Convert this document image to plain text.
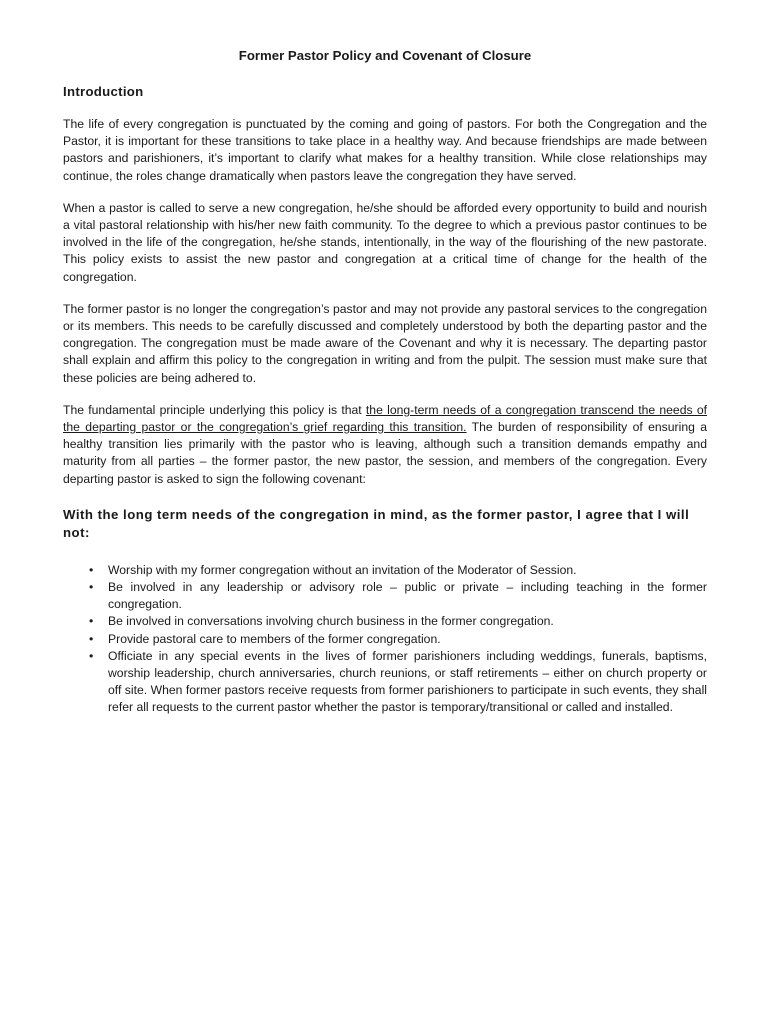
Former Pastor Policy and Covenant of Closure
Introduction

The life of every congregation is punctuated by the coming and going of pastors. For both the Congregation and the Pastor, it is important for these transitions to take place in a healthy way. And because friendships are made between pastors and parishioners, it’s important to clarify what makes for a healthy transition. While close relationships may continue, the roles change dramatically when pastors leave the congregation they have served.

When a pastor is called to serve a new congregation, he/she should be afforded every opportunity to build and nourish a vital pastoral relationship with his/her new faith community. To the degree to which a previous pastor continues to be involved in the life of the congregation, he/she stands, intentionally, in the way of the flourishing of the new pastorate. This policy exists to assist the new pastor and congregation at a critical time of change for the health of the congregation.

The former pastor is no longer the congregation’s pastor and may not provide any pastoral services to the congregation or its members. This needs to be carefully discussed and completely understood by both the departing pastor and the congregation. The congregation must be made aware of the Covenant and why it is necessary. The departing pastor shall explain and affirm this policy to the congregation in writing and from the pulpit. The session must make sure that these policies are being adhered to.

The fundamental principle underlying this policy is that the long-term needs of a congregation transcend the needs of the departing pastor or the congregation’s grief regarding this transition. The burden of responsibility of ensuring a healthy transition lies primarily with the pastor who is leaving, although such a transition demands empathy and maturity from all parties – the former pastor, the new pastor, the session, and members of the congregation. Every departing pastor is asked to sign the following covenant:

With the long term needs of the congregation in mind, as the former pastor, I agree that I will not:
• Worship with my former congregation without an invitation of the Moderator of Session.
• Be involved in any leadership or advisory role – public or private – including teaching in the former congregation.
• Be involved in conversations involving church business in the former congregation.
• Provide pastoral care to members of the former congregation.
• Officiate in any special events in the lives of former parishioners including weddings, funerals, baptisms, worship leadership, church anniversaries, church reunions, or staff retirements – either on church property or off site. When former pastors receive requests from former parishioners to participate in such events, they shall refer all requests to the current pastor whether the pastor is temporary/transitional or called and installed.
